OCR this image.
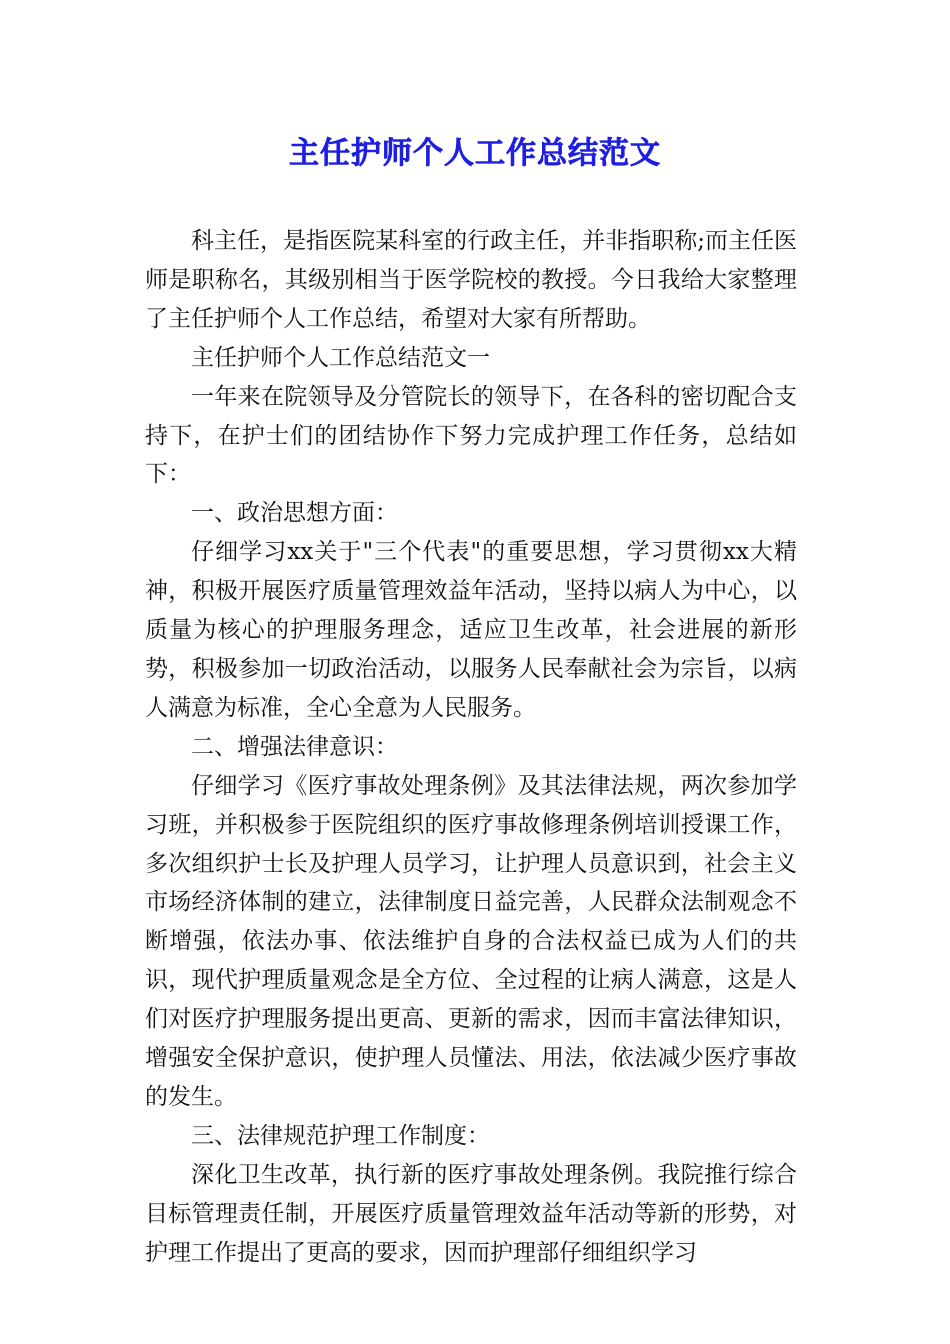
主任护师个人工作总结范文

科主任，是指医院某科室的行政主任，并非指职称;而主任医师是职称名，其级别相当于医学院校的教授。今日我给大家整理了主任护师个人工作总结，希望对大家有所帮助。

主任护师个人工作总结范文一

一年来在院领导及分管院长的领导下，在各科的密切配合支持下，在护士们的团结协作下努力完成护理工作任务，总结如下：

一、政治思想方面：

仔细学习xx关于"三个代表"的重要思想，学习贯彻xx大精神，积极开展医疗质量管理效益年活动，坚持以病人为中心，以质量为核心的护理服务理念，适应卫生改革，社会进展的新形势，积极参加一切政治活动，以服务人民奉献社会为宗旨，以病人满意为标准，全心全意为人民服务。

二、增强法律意识：

仔细学习《医疗事故处理条例》及其法律法规，两次参加学习班，并积极参于医院组织的医疗事故修理条例培训授课工作，多次组织护士长及护理人员学习，让护理人员意识到，社会主义市场经济体制的建立，法律制度日益完善，人民群众法制观念不断增强，依法办事、依法维护自身的合法权益已成为人们的共识，现代护理质量观念是全方位、全过程的让病人满意，这是人们对医疗护理服务提出更高、更新的需求，因而丰富法律知识，增强安全保护意识，使护理人员懂法、用法，依法减少医疗事故的发生。

三、法律规范护理工作制度：

深化卫生改革，执行新的医疗事故处理条例。我院推行综合目标管理责任制，开展医疗质量管理效益年活动等新的形势，对护理工作提出了更高的要求，因而护理部仔细组织学习
